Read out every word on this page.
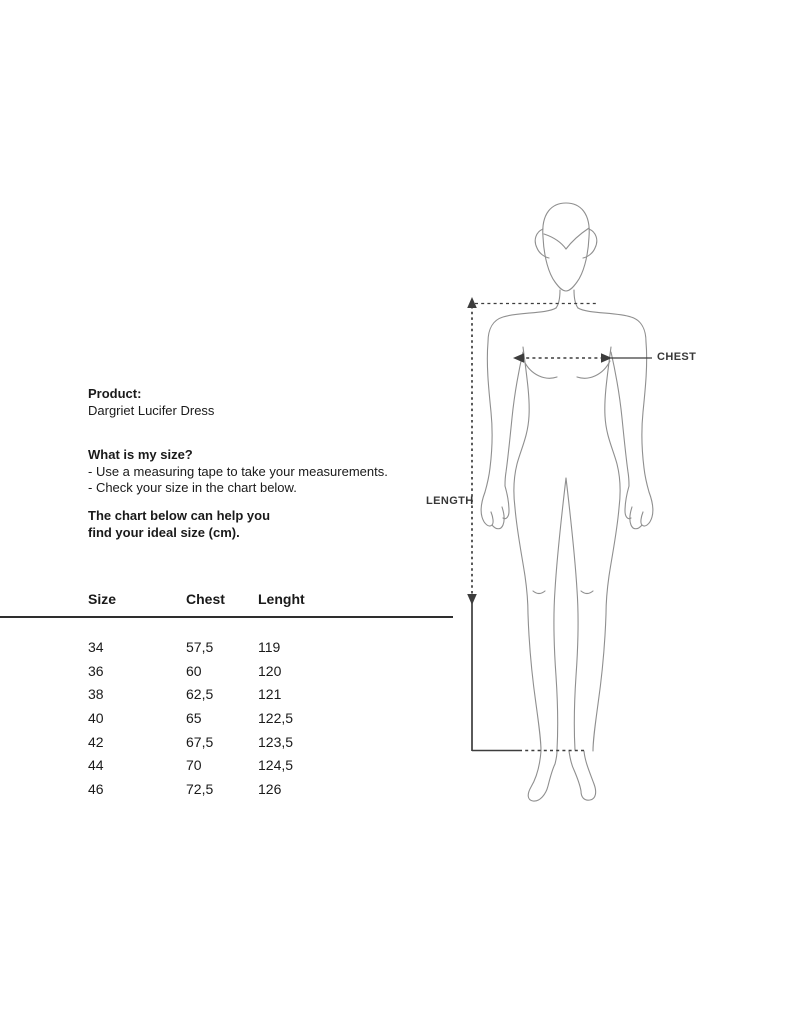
Product:
Dargriet Lucifer Dress
What is my size?
- Use a measuring tape to take your measurements.
- Check your size in the chart below.
The chart below can help you
find your ideal size (cm).
Size	Chest	Lenght
34	57,5	119
36	60	120
38	62,5	121
40	65	122,5
42	67,5	123,5
44	70	124,5
46	72,5	126
CHEST
LENGTH
